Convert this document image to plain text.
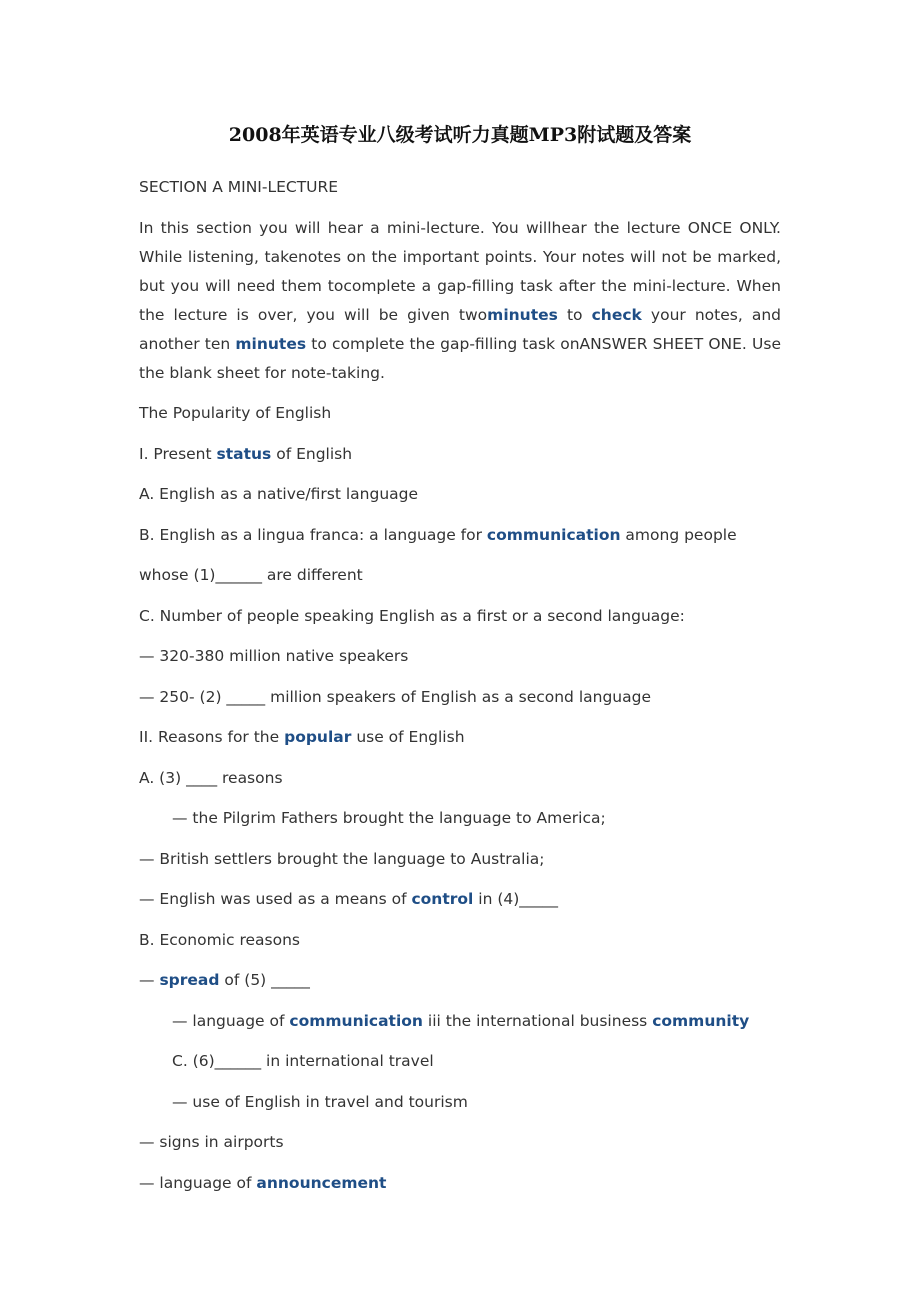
2008年英语专业八级考试听力真题MP3附试题及答案

SECTION A MINI-LECTURE

In this section you will hear a mini-lecture. You willhear the lecture ONCE ONLY. While listening, takenotes on the important points. Your notes will not be marked, but you will need them tocomplete a gap-filling task after the mini-lecture. When the lecture is over, you will be given twominutes to check your notes, and another ten minutes to complete the gap-filling task onANSWER SHEET ONE. Use the blank sheet for note-taking.

The Popularity of English

I. Present status of English

A. English as a native/first language

B. English as a lingua franca: a language for communication among people

whose (1)______ are different

C. Number of people speaking English as a first or a second language:

— 320-380 million native speakers

— 250- (2) _____ million speakers of English as a second language

II. Reasons for the popular use of English

A. (3) ____ reasons

— the Pilgrim Fathers brought the language to America;

— British settlers brought the language to Australia;

— English was used as a means of control in (4)_____

B. Economic reasons

— spread of (5) _____

— language of communication iii the international business community

C. (6)______ in international travel

— use of English in travel and tourism

— signs in airports

— language of announcement
